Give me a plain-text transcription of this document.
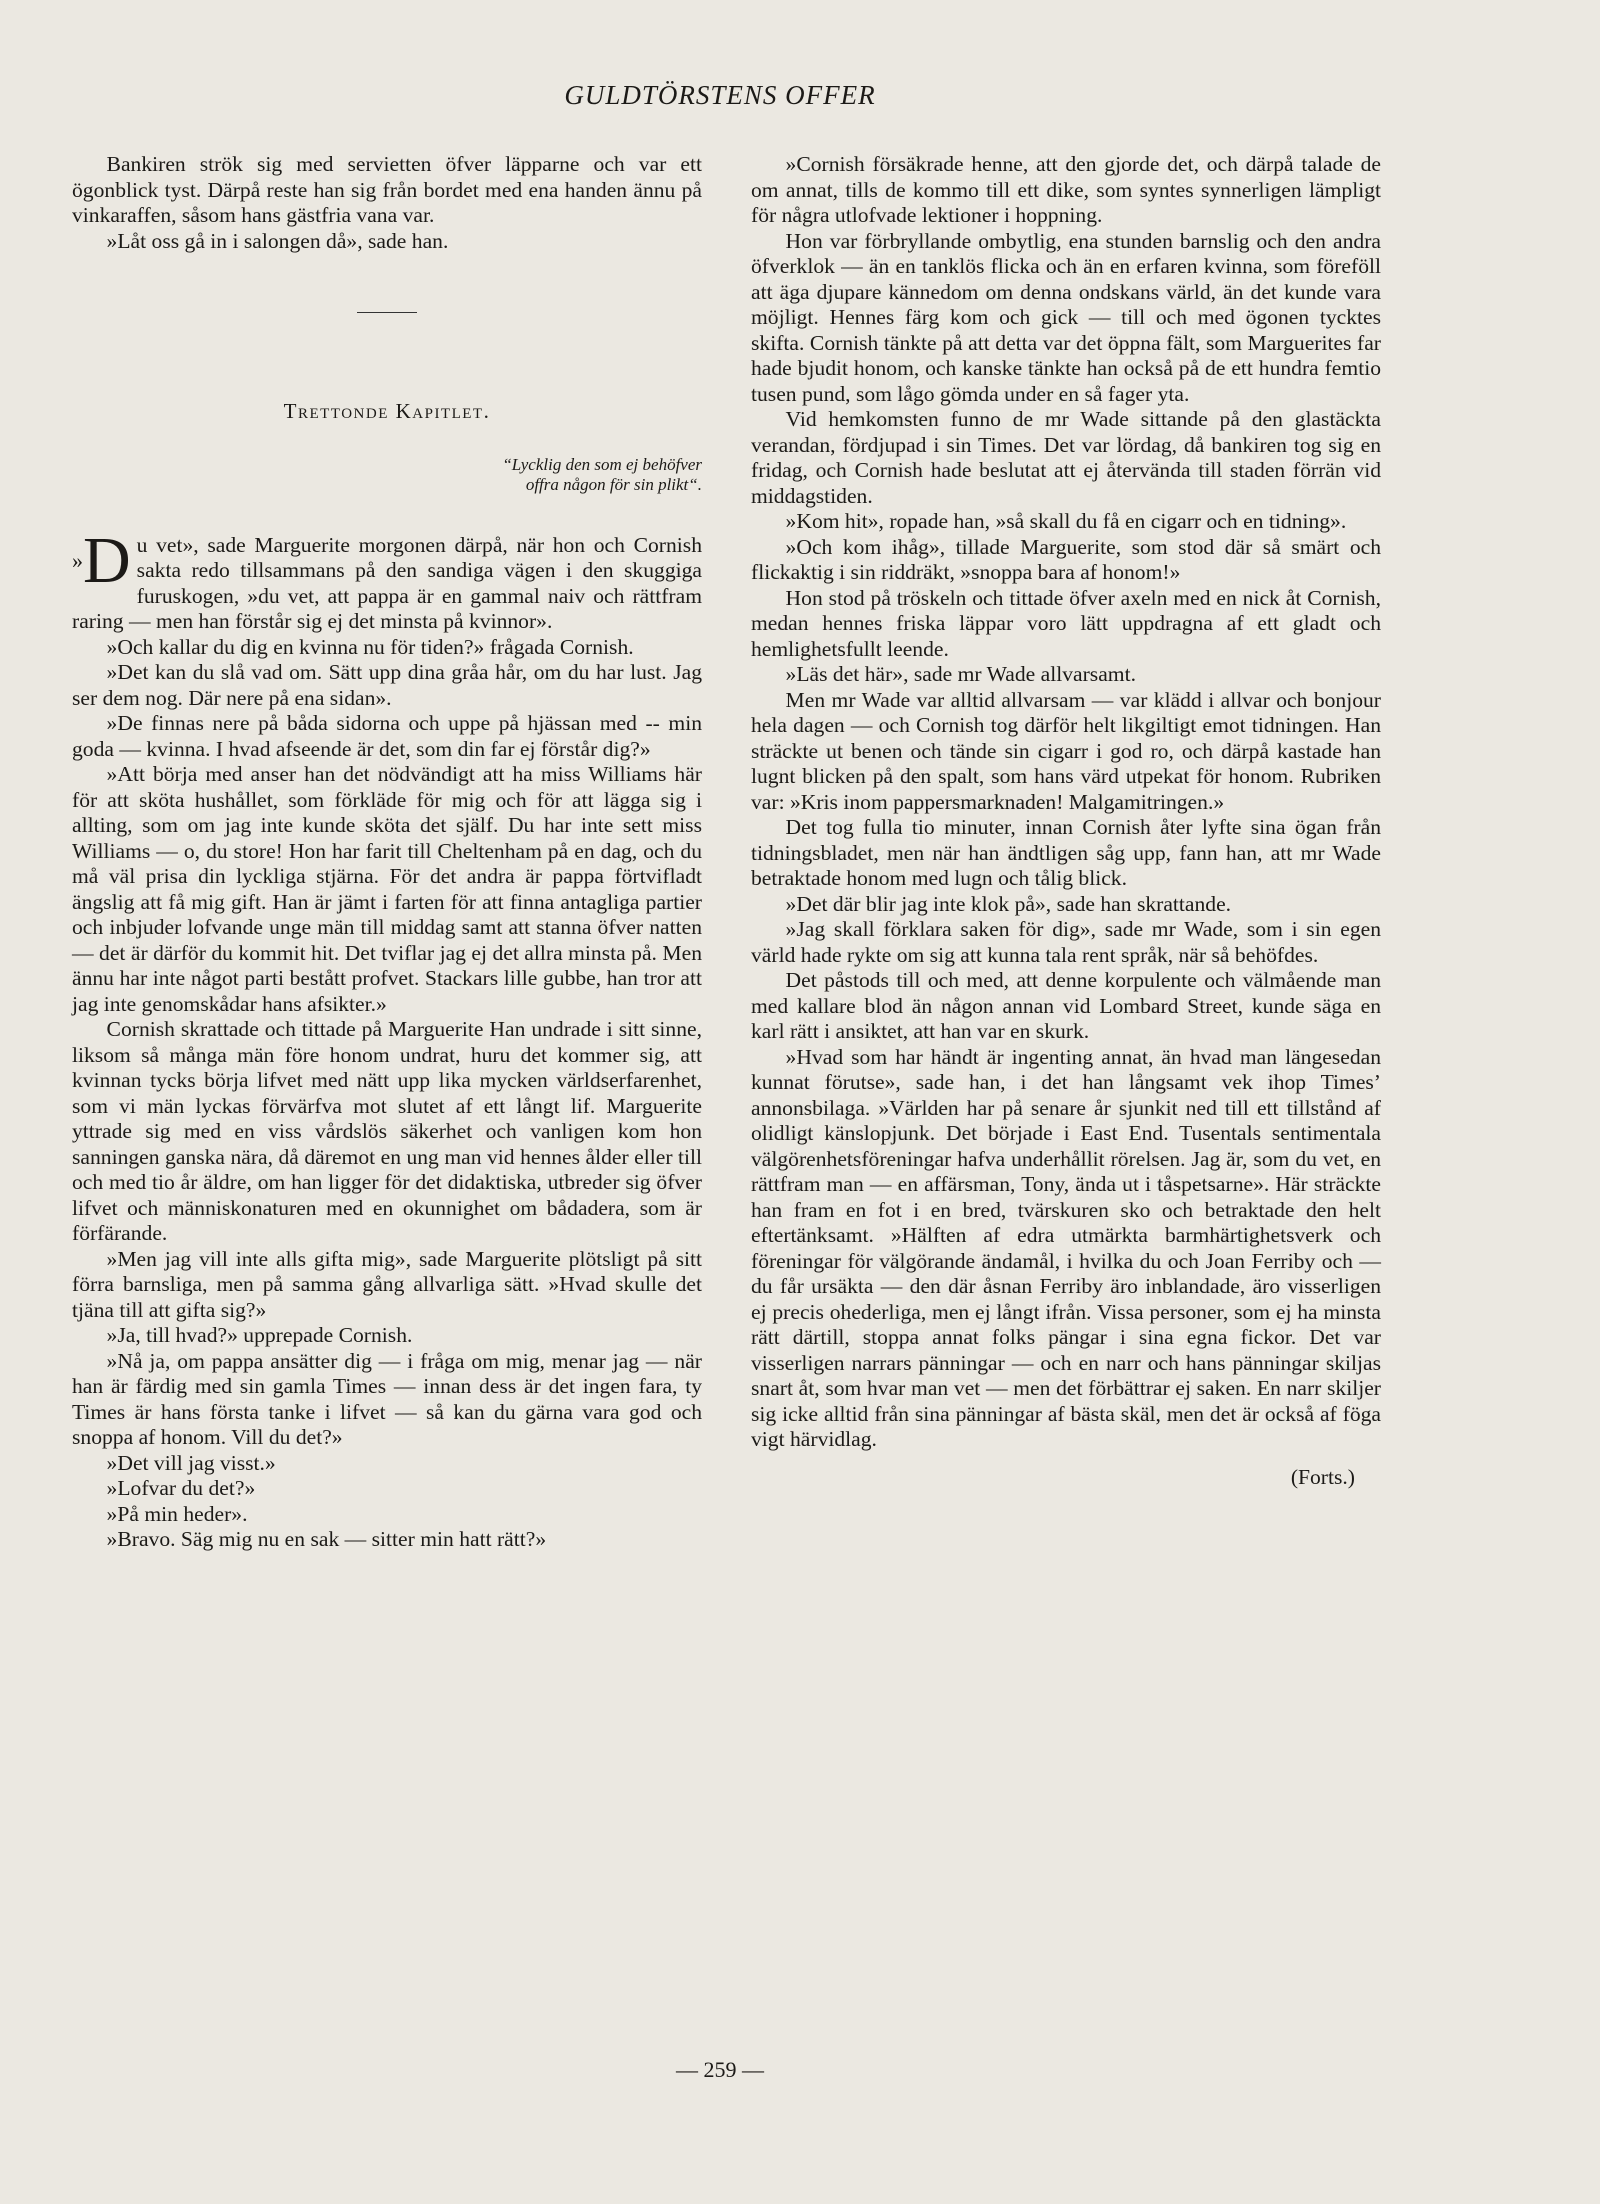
GULDTÖRSTENS OFFER

Bankiren strök sig med servietten öfver läpparne och var ett ögonblick tyst. Därpå reste han sig från bordet med ena handen ännu på vinkaraffen, såsom hans gästfria vana var.

»Låt oss gå in i salongen då», sade han.

Trettonde Kapitlet.
“Lycklig den som ej behöfver
offra någon för sin plikt“.

»D u vet», sade Marguerite morgonen därpå, när hon och Cornish sakta redo tillsammans på den sandiga vägen i den skuggiga furuskogen, »du vet, att pappa är en gammal naiv och rättfram raring — men han förstår sig ej det minsta på kvinnor».

»Och kallar du dig en kvinna nu för tiden?» frågada Cornish.

»Det kan du slå vad om. Sätt upp dina gråa hår, om du har lust. Jag ser dem nog. Där nere på ena sidan».

»De finnas nere på båda sidorna och uppe på hjässan med -- min goda — kvinna. I hvad afseende är det, som din far ej förstår dig?»

»Att börja med anser han det nödvändigt att ha miss Williams här för att sköta hushållet, som förkläde för mig och för att lägga sig i allting, som om jag inte kunde sköta det själf. Du har inte sett miss Williams — o, du store! Hon har farit till Cheltenham på en dag, och du må väl prisa din lyckliga stjärna. För det andra är pappa förtvifladt ängslig att få mig gift. Han är jämt i farten för att finna antagliga partier och inbjuder lofvande unge män till middag samt att stanna öfver natten — det är därför du kommit hit. Det tviflar jag ej det allra minsta på. Men ännu har inte något parti bestått profvet. Stackars lille gubbe, han tror att jag inte genomskådar hans afsikter.»

Cornish skrattade och tittade på Marguerite Han undrade i sitt sinne, liksom så många män före honom undrat, huru det kommer sig, att kvinnan tycks börja lifvet med nätt upp lika mycken världserfarenhet, som vi män lyckas förvärfva mot slutet af ett långt lif. Marguerite yttrade sig med en viss vårdslös säkerhet och vanligen kom hon sanningen ganska nära, då däremot en ung man vid hennes ålder eller till och med tio år äldre, om han ligger för det didaktiska, utbreder sig öfver lifvet och människonaturen med en okunnighet om bådadera, som är förfärande.

»Men jag vill inte alls gifta mig», sade Marguerite plötsligt på sitt förra barnsliga, men på samma gång allvarliga sätt. »Hvad skulle det tjäna till att gifta sig?»

»Ja, till hvad?» upprepade Cornish.

»Nå ja, om pappa ansätter dig — i fråga om mig, menar jag — när han är färdig med sin gamla Times — innan dess är det ingen fara, ty Times är hans första tanke i lifvet — så kan du gärna vara god och snoppa af honom. Vill du det?»

»Det vill jag visst.»

»Lofvar du det?»

»På min heder».

»Bravo. Säg mig nu en sak — sitter min hatt rätt?»

»Cornish försäkrade henne, att den gjorde det, och därpå talade de om annat, tills de kommo till ett dike, som syntes synnerligen lämpligt för några utlofvade lektioner i hoppning.

Hon var förbryllande ombytlig, ena stunden barnslig och den andra öfverklok — än en tanklös flicka och än en erfaren kvinna, som föreföll att äga djupare kännedom om denna ondskans värld, än det kunde vara möjligt. Hennes färg kom och gick — till och med ögonen tycktes skifta. Cornish tänkte på att detta var det öppna fält, som Marguerites far hade bjudit honom, och kanske tänkte han också på de ett hundra femtio tusen pund, som lågo gömda under en så fager yta.

Vid hemkomsten funno de mr Wade sittande på den glastäckta verandan, fördjupad i sin Times. Det var lördag, då bankiren tog sig en fridag, och Cornish hade beslutat att ej återvända till staden förrän vid middagstiden.

»Kom hit», ropade han, »så skall du få en cigarr och en tidning».

»Och kom ihåg», tillade Marguerite, som stod där så smärt och flickaktig i sin riddräkt, »snoppa bara af honom!»

Hon stod på tröskeln och tittade öfver axeln med en nick åt Cornish, medan hennes friska läppar voro lätt uppdragna af ett gladt och hemlighetsfullt leende.

»Läs det här», sade mr Wade allvarsamt.

Men mr Wade var alltid allvarsam — var klädd i allvar och bonjour hela dagen — och Cornish tog därför helt likgiltigt emot tidningen. Han sträckte ut benen och tände sin cigarr i god ro, och därpå kastade han lugnt blicken på den spalt, som hans värd utpekat för honom. Rubriken var: »Kris inom pappersmarknaden! Malgamitringen.»

Det tog fulla tio minuter, innan Cornish åter lyfte sina ögan från tidningsbladet, men när han ändtligen såg upp, fann han, att mr Wade betraktade honom med lugn och tålig blick.

»Det där blir jag inte klok på», sade han skrattande.

»Jag skall förklara saken för dig», sade mr Wade, som i sin egen värld hade rykte om sig att kunna tala rent språk, när så behöfdes.

Det påstods till och med, att denne korpulente och välmående man med kallare blod än någon annan vid Lombard Street, kunde säga en karl rätt i ansiktet, att han var en skurk.

»Hvad som har händt är ingenting annat, än hvad man längesedan kunnat förutse», sade han, i det han långsamt vek ihop Times’ annonsbilaga. »Världen har på senare år sjunkit ned till ett tillstånd af olidligt känslopjunk. Det började i East End. Tusentals sentimentala välgörenhetsföreningar hafva underhållit rörelsen. Jag är, som du vet, en rättfram man — en affärsman, Tony, ända ut i tåspetsarne». Här sträckte han fram en fot i en bred, tvärskuren sko och betraktade den helt eftertänksamt. »Hälften af edra utmärkta barmhärtighetsverk och föreningar för välgörande ändamål, i hvilka du och Joan Ferriby och — du får ursäkta — den där åsnan Ferriby äro inblandade, äro visserligen ej precis ohederliga, men ej långt ifrån. Vissa personer, som ej ha minsta rätt därtill, stoppa annat folks pängar i sina egna fickor. Det var visserligen narrars pänningar — och en narr och hans pänningar skiljas snart åt, som hvar man vet — men det förbättrar ej saken. En narr skiljer sig icke alltid från sina pänningar af bästa skäl, men det är också af föga vigt härvidlag.

(Forts.)
— 259 —
